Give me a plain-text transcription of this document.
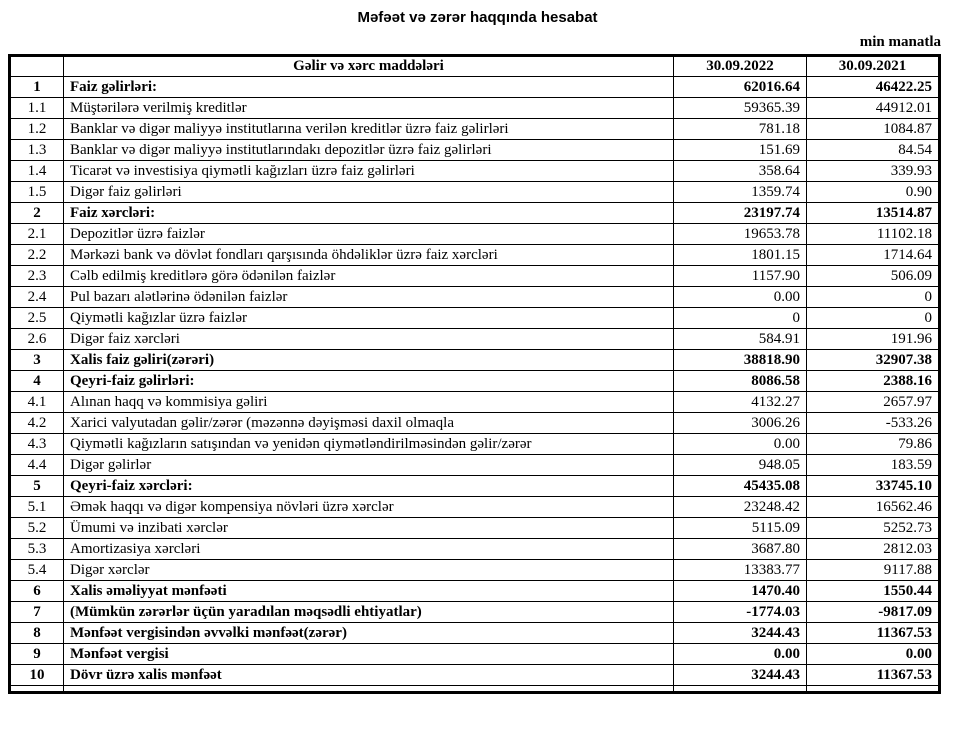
Məfəət və zərər haqqında hesabat
min manatla
	Gəlir və xərc maddələri	30.09.2022	30.09.2021
1	Faiz gəlirləri:	62016.64	46422.25
1.1	Müştərilərə verilmiş kreditlər	59365.39	44912.01
1.2	Banklar və digər maliyyə institutlarına verilən kreditlər üzrə faiz gəlirləri	781.18	1084.87
1.3	Banklar və digər maliyyə institutlarındakı depozitlər üzrə faiz gəlirləri	151.69	84.54
1.4	Ticarət və investisiya qiymətli kağızları üzrə faiz gəlirləri	358.64	339.93
1.5	Digər faiz gəlirləri	1359.74	0.90
2	Faiz xərcləri:	23197.74	13514.87
2.1	Depozitlər üzrə faizlər	19653.78	11102.18
2.2	Mərkəzi bank və dövlət fondları qarşısında öhdəliklər üzrə faiz xərcləri	1801.15	1714.64
2.3	Cəlb edilmiş kreditlərə görə ödənilən faizlər	1157.90	506.09
2.4	Pul bazarı alətlərinə ödənilən faizlər	0.00	0
2.5	Qiymətli kağızlar üzrə faizlər	0	0
2.6	Digər faiz xərcləri	584.91	191.96
3	Xalis faiz gəliri(zərəri)	38818.90	32907.38
4	Qeyri-faiz gəlirləri:	8086.58	2388.16
4.1	Alınan haqq və kommisiya gəliri	4132.27	2657.97
4.2	Xarici valyutadan gəlir/zərər (məzənnə dəyişməsi daxil olmaqla	3006.26	-533.26
4.3	Qiymətli kağızların satışından və yenidən qiymətləndirilməsindən gəlir/zərər	0.00	79.86
4.4	Digər gəlirlər	948.05	183.59
5	Qeyri-faiz xərcləri:	45435.08	33745.10
5.1	Əmək haqqı və digər kompensiya növləri üzrə xərclər	23248.42	16562.46
5.2	Ümumi və inzibati xərclər	5115.09	5252.73
5.3	Amortizasiya xərcləri	3687.80	2812.03
5.4	Digər xərclər	13383.77	9117.88
6	Xalis əməliyyat mənfəəti	1470.40	1550.44
7	(Mümkün zərərlər üçün yaradılan məqsədli ehtiyatlar)	-1774.03	-9817.09
8	Mənfəət vergisindən əvvəlki mənfəət(zərər)	3244.43	11367.53
9	Mənfəət vergisi	0.00	0.00
10	Dövr üzrə xalis mənfəət	3244.43	11367.53
